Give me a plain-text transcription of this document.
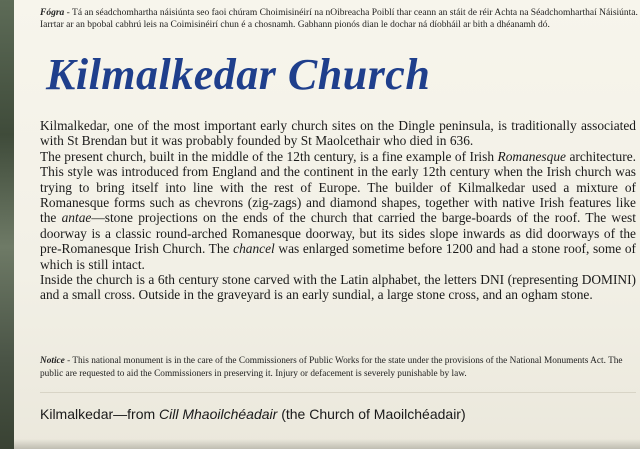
Fógra - Tá an séadchomhartha náisiúnta seo faoi chúram Choimisinéirí na nOibreacha Poiblí thar ceann an stáit de réir Achta na Séadchomharthaí Náisiúnta. Iarrtar ar an bpobal cabhrú leis na Coimisinéirí chun é a chosnamh. Gabhann pionós dian le dochar ná díobháil ar bith a dhéanamh dó.
Kilmalkedar Church

Kilmalkedar, one of the most important early church sites on the Dingle peninsula, is traditionally associated with St Brendan but it was probably founded by St Maolcethair who died in 636.

The present church, built in the middle of the 12th century, is a fine example of Irish Romanesque architecture. This style was introduced from England and the continent in the early 12th century when the Irish church was trying to bring itself into line with the rest of Europe. The builder of Kilmalkedar used a mixture of Romanesque forms such as chevrons (zig-zags) and diamond shapes, together with native Irish features like the antae—stone projections on the ends of the church that carried the barge-boards of the roof. The west doorway is a classic round-arched Romanesque doorway, but its sides slope inwards as did doorways of the pre-Romanesque Irish Church. The chancel was enlarged sometime before 1200 and had a stone roof, some of which is still intact.

Inside the church is a 6th century stone carved with the Latin alphabet, the letters DNI (representing DOMINI) and a small cross. Outside in the graveyard is an early sundial, a large stone cross, and an ogham stone.

Notice - This national monument is in the care of the Commissioners of Public Works for the state under the provisions of the National Monuments Act. The public are requested to aid the Commissioners in preserving it. Injury or defacement is severely punishable by law.
Kilmalkedar—from Cill Mhaoilchéadair (the Church of Maoilchéadair)
